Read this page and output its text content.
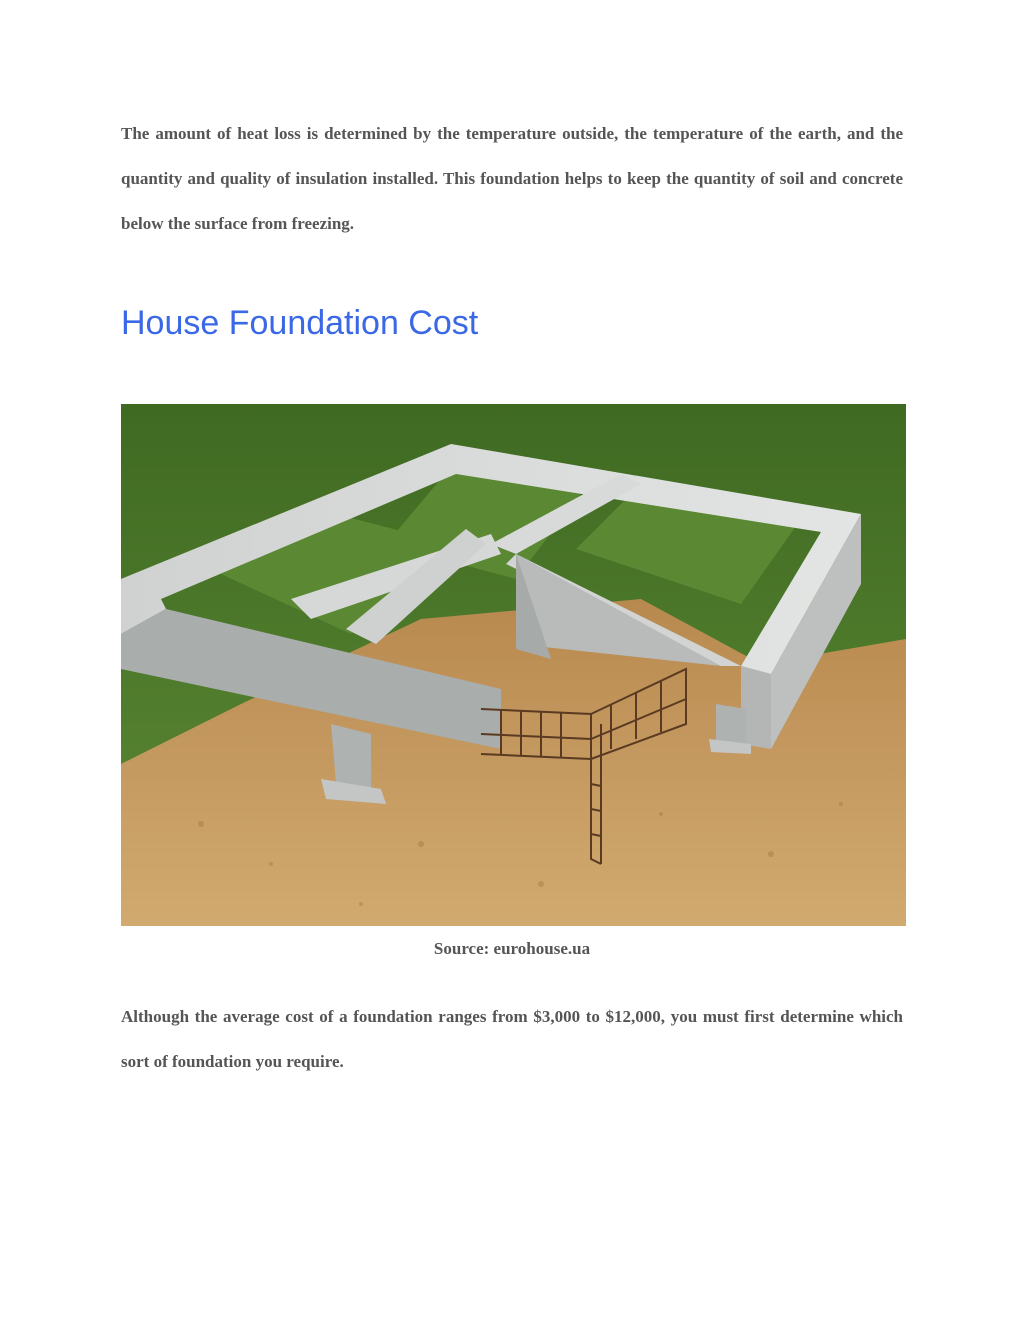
The amount of heat loss is determined by the temperature outside, the temperature of the earth, and the quantity and quality of insulation installed. This foundation helps to keep the quantity of soil and concrete below the surface from freezing.

House Foundation Cost

Source: eurohouse.ua

Although the average cost of a foundation ranges from $3,000 to $12,000, you must first determine which sort of foundation you require.
